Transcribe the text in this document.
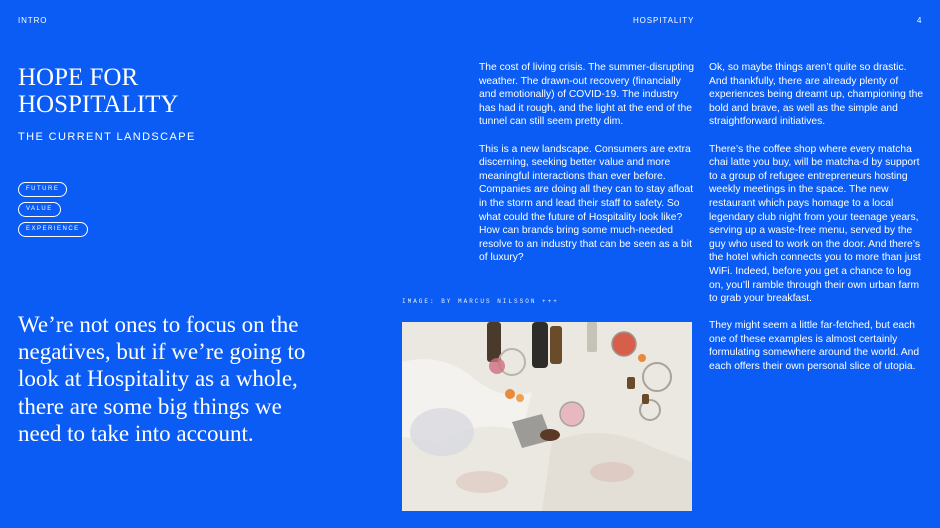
INTRO	HOSPITALITY	4
HOPE FOR HOSPITALITY
THE CURRENT LANDSCAPE
FUTURE
VALUE
EXPERIENCE

We’re not ones to focus on the negatives, but if we’re going to look at Hospitality as a whole, there are some big things we need to take into account.

The cost of living crisis. The summer-disrupting weather. The drawn-out recovery (financially and emotionally) of COVID-19. The industry has had it rough, and the light at the end of the tunnel can still seem pretty dim.

This is a new landscape. Consumers are extra discerning, seeking better value and more meaningful interactions than ever before. Companies are doing all they can to stay afloat in the storm and lead their staff to safety. So what could the future of Hospitality look like? How can brands bring some much-needed resolve to an industry that can be seen as a bit of luxury?

Ok, so maybe things aren’t quite so drastic. And thankfully, there are already plenty of experiences being dreamt up, championing the bold and brave, as well as the simple and straightforward initiatives.

There’s the coffee shop where every matcha chai latte you buy, will be matcha-d by support to a group of refugee entrepreneurs hosting weekly meetings in the space. The new restaurant which pays homage to a local legendary club night from your teenage years, serving up a waste-free menu, served by the guy who used to work on the door. And there’s the hotel which connects you to more than just WiFi. Indeed, before you get a chance to log on, you’ll ramble through their own urban farm to grab your breakfast.

They might seem a little far-fetched, but each one of these examples is almost certainly formulating somewhere around the world. And each offers their own personal slice of utopia.

IMAGE: BY MARCUS NILSSON +++
